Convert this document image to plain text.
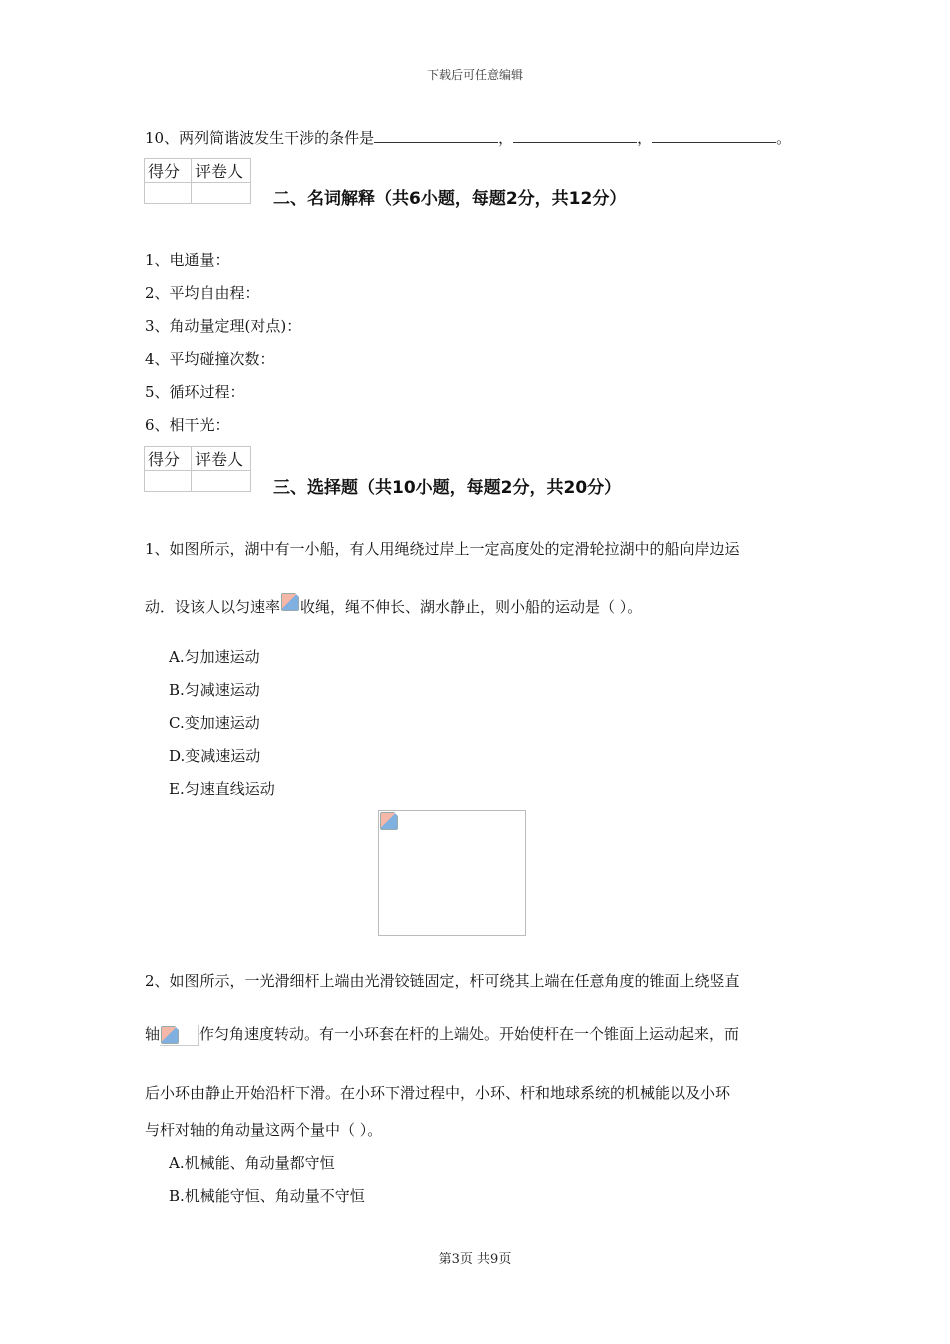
下载后可任意编辑
10、两列简谐波发生干涉的条件是	，	，	。
得分	评卷人

二、名词解释（共6小题，每题2分，共12分）
1、电通量：
2、平均自由程：
3、角动量定理(对点)：
4、平均碰撞次数：
5、循环过程：
6、相干光：
得分	评卷人

三、选择题（共10小题，每题2分，共20分）
1、如图所示，湖中有一小船，有人用绳绕过岸上一定高度处的定滑轮拉湖中的船向岸边运
动．设该人以匀速率 收绳，绳不伸长、湖水静止，则小船的运动是（ ）。
A.匀加速运动
B.匀减速运动
C.变加速运动
D.变减速运动
E.匀速直线运动
2、如图所示，一光滑细杆上端由光滑铰链固定，杆可绕其上端在任意角度的锥面上绕竖直
轴	作匀角速度转动。有一小环套在杆的上端处。开始使杆在一个锥面上运动起来，而
后小环由静止开始沿杆下滑。在小环下滑过程中，小环、杆和地球系统的机械能以及小环
与杆对轴的角动量这两个量中（ ）。
A.机械能、角动量都守恒
B.机械能守恒、角动量不守恒
第3页 共9页
